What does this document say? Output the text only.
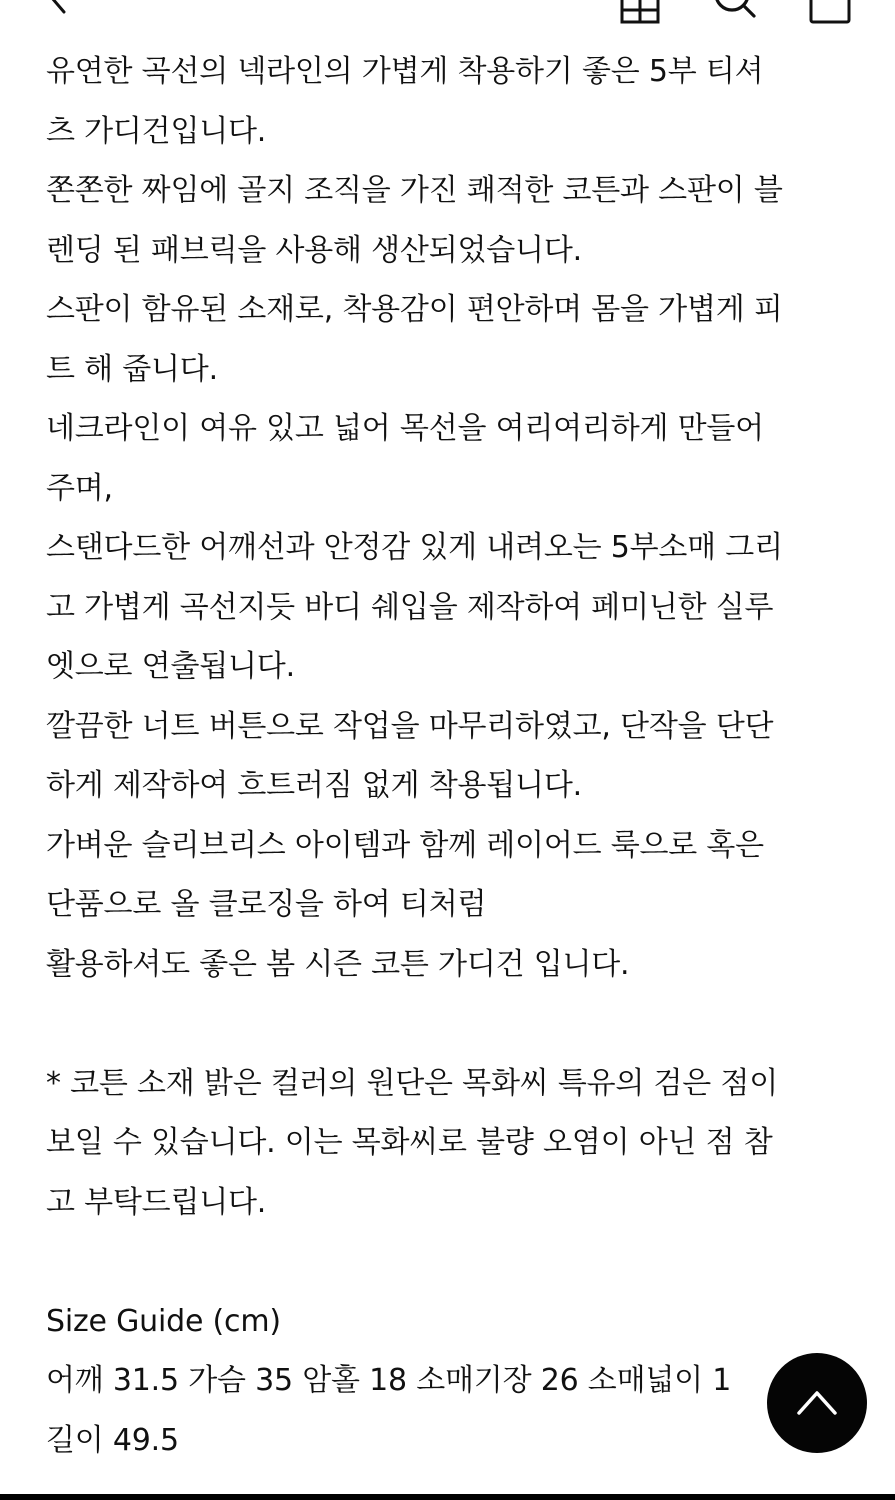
유연한 곡선의 넥라인의 가볍게 착용하기 좋은 5부 티셔
츠 가디건입니다.
쫀쫀한 짜임에 골지 조직을 가진 쾌적한 코튼과 스판이 블
렌딩 된 패브릭을 사용해 생산되었습니다.
스판이 함유된 소재로, 착용감이 편안하며 몸을 가볍게 피
트 해 줍니다.
네크라인이 여유 있고 넓어 목선을 여리여리하게 만들어
주며,
스탠다드한 어깨선과 안정감 있게 내려오는 5부소매 그리
고 가볍게 곡선지듯 바디 쉐입을 제작하여 페미닌한 실루
엣으로 연출됩니다.
깔끔한 너트 버튼으로 작업을 마무리하였고, 단작을 단단
하게 제작하여 흐트러짐 없게 착용됩니다.
가벼운 슬리브리스 아이템과 함께 레이어드 룩으로 혹은
단품으로 올 클로징을 하여 티처럼
활용하셔도 좋은 봄 시즌 코튼 가디건 입니다.
* 코튼 소재 밝은 컬러의 원단은 목화씨 특유의 검은 점이
보일 수 있습니다. 이는 목화씨로 불량 오염이 아닌 점 참
고 부탁드립니다.
Size Guide (cm)
어깨 31.5 가슴 35 암홀 18 소매기장 26 소매넓이 1
길이 49.5
